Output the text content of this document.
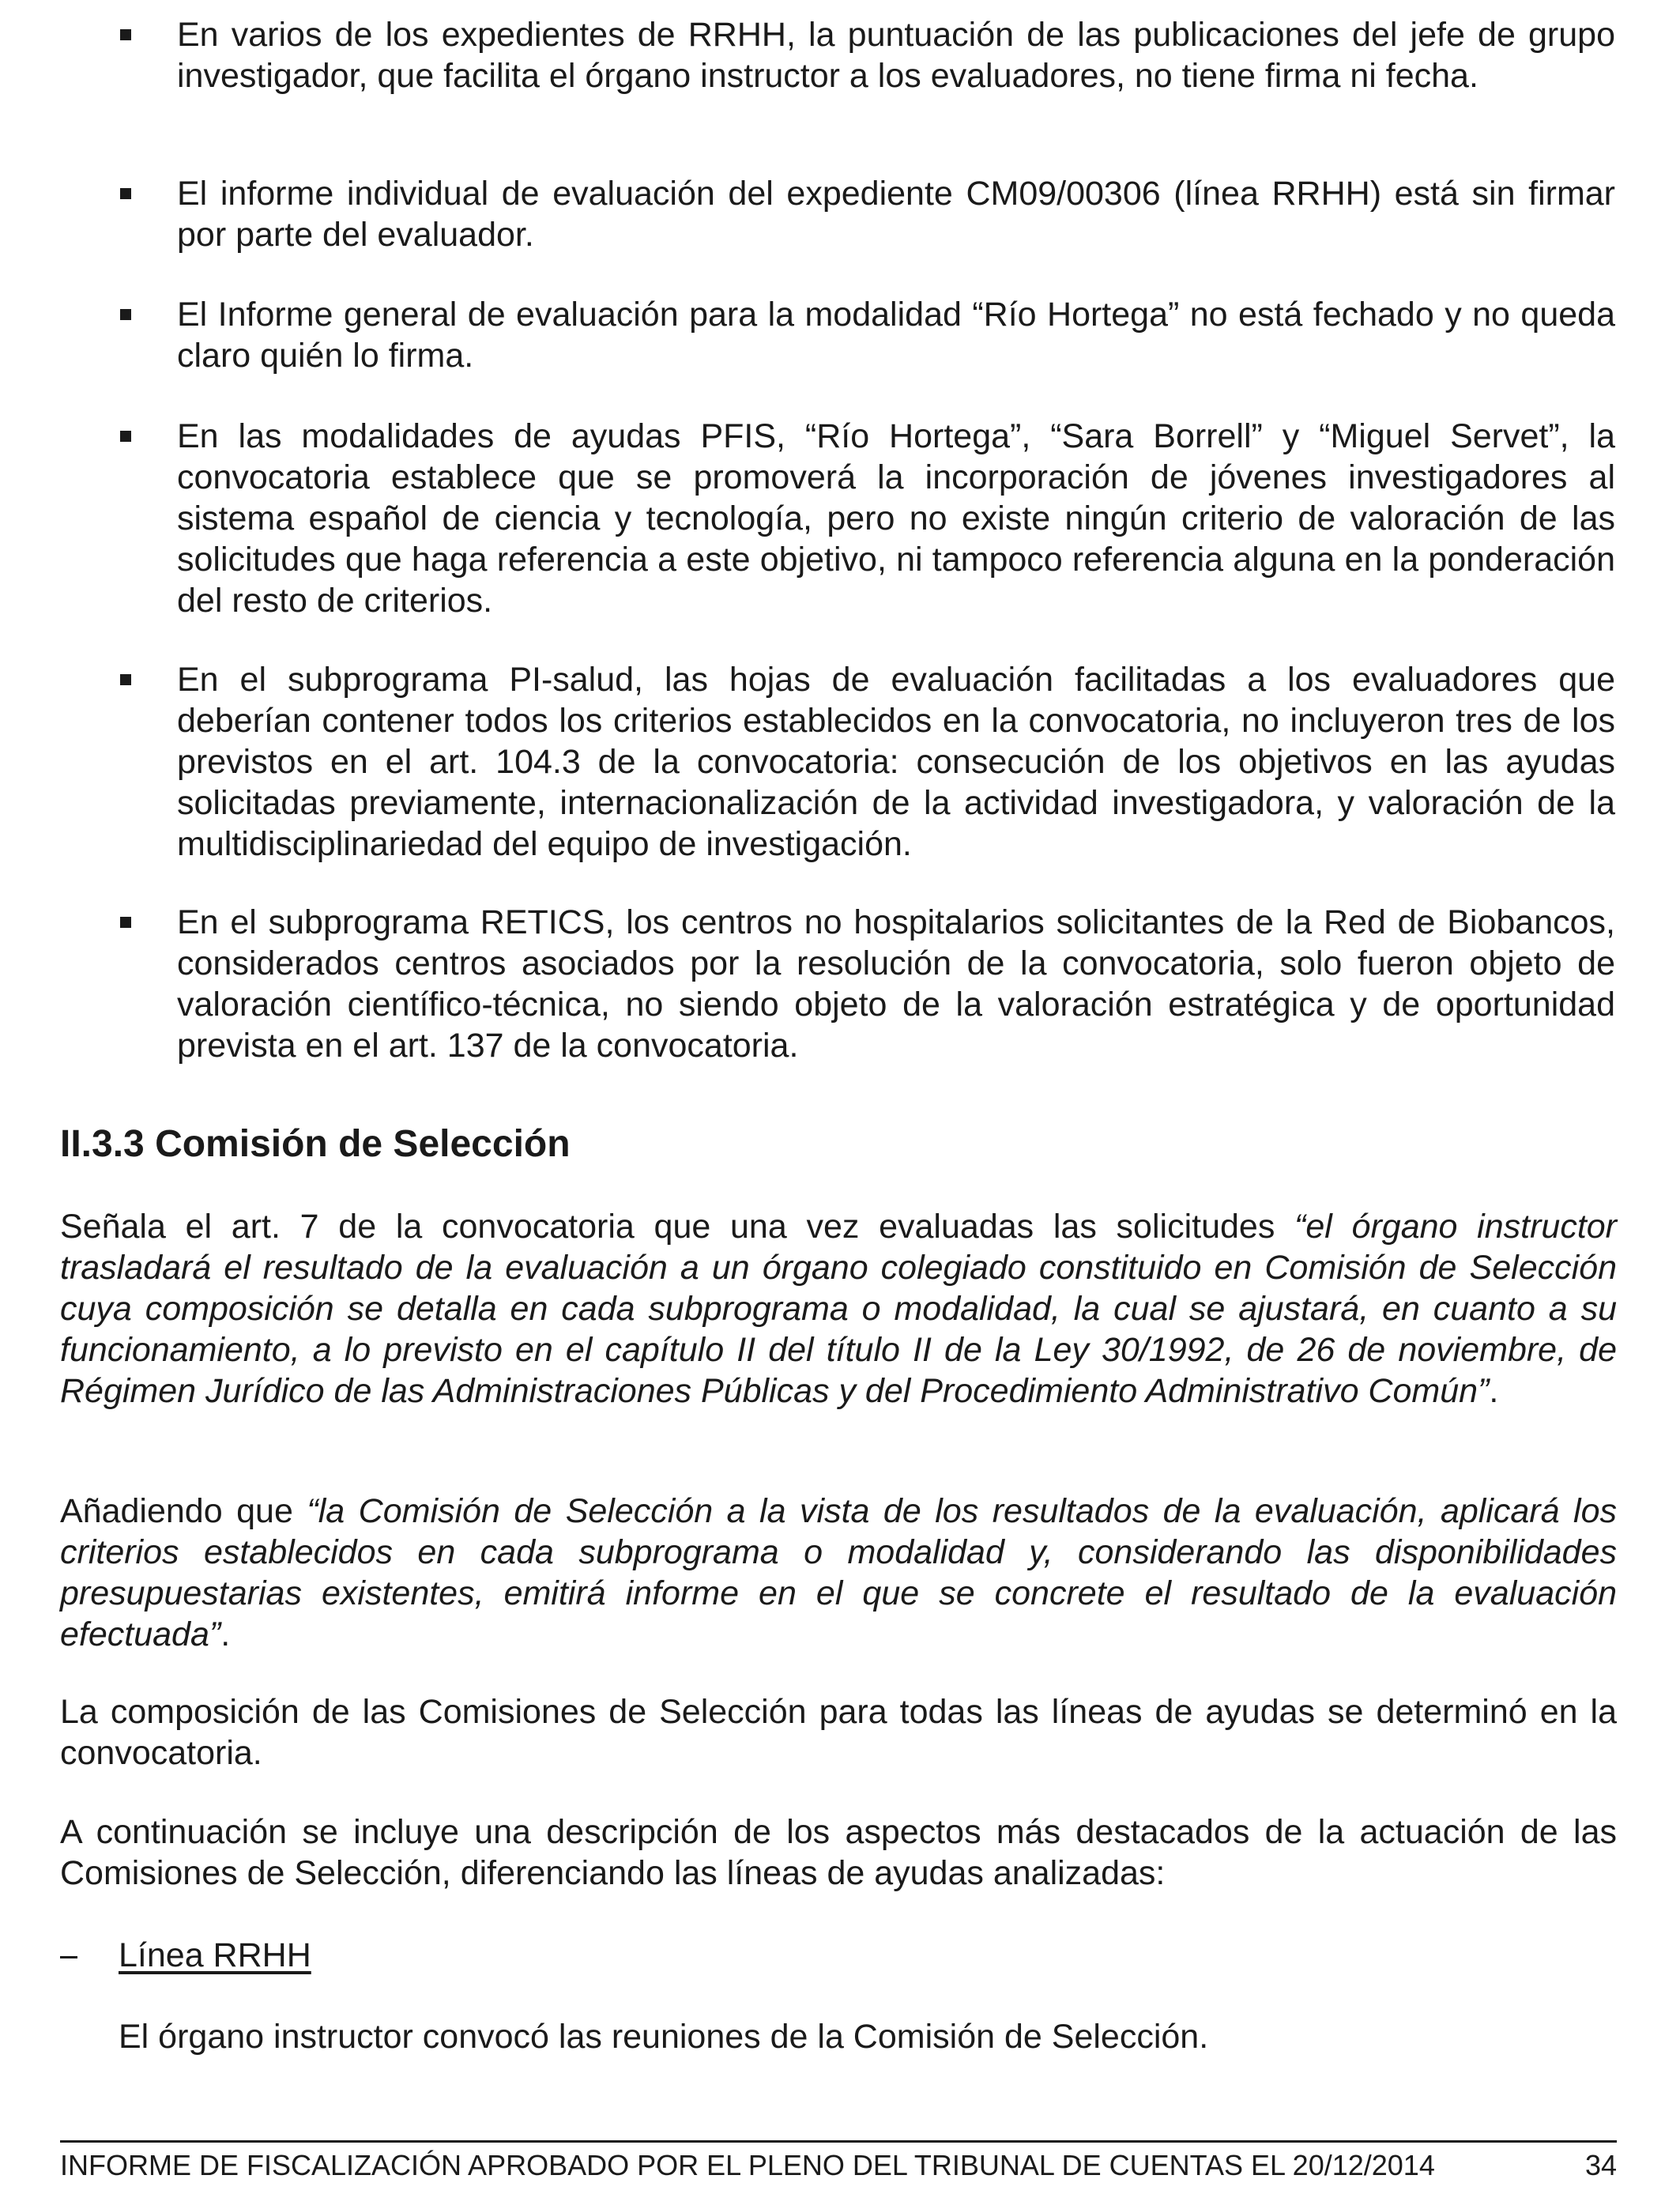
En varios de los expedientes de RRHH, la puntuación de las publicaciones del jefe de grupo investigador, que facilita el órgano instructor a los evaluadores, no tiene firma ni fecha.
El informe individual de evaluación del expediente CM09/00306 (línea RRHH) está sin firmar por parte del evaluador.
El Informe general de evaluación para la modalidad “Río Hortega” no está fechado y no queda claro quién lo firma.
En las modalidades de ayudas PFIS, “Río Hortega”, “Sara Borrell” y “Miguel Servet”, la convocatoria establece que se promoverá la incorporación de jóvenes investigadores al sistema español de ciencia y tecnología, pero no existe ningún criterio de valoración de las solicitudes que haga referencia a este objetivo, ni tampoco referencia alguna en la ponderación del resto de criterios.
En el subprograma PI-salud, las hojas de evaluación facilitadas a los evaluadores que deberían contener todos los criterios establecidos en la convocatoria, no incluyeron tres de los previstos en el art. 104.3 de la convocatoria: consecución de los objetivos en las ayudas solicitadas previamente, internacionalización de la actividad investigadora, y valoración de la multidisciplinariedad del equipo de investigación.
En el subprograma RETICS, los centros no hospitalarios solicitantes de la Red de Biobancos, considerados centros asociados por la resolución de la convocatoria, solo fueron objeto de valoración científico-técnica, no siendo objeto de la valoración estratégica y de oportunidad prevista en el art. 137 de la convocatoria.
II.3.3 Comisión de Selección
Señala el art. 7 de la convocatoria que una vez evaluadas las solicitudes “el órgano instructor trasladará el resultado de la evaluación a un órgano colegiado constituido en Comisión de Selección cuya composición se detalla en cada subprograma o modalidad, la cual se ajustará, en cuanto a su funcionamiento, a lo previsto en el capítulo II del título II de la Ley 30/1992, de 26 de noviembre, de Régimen Jurídico de las Administraciones Públicas y del Procedimiento Administrativo Común”.
Añadiendo que “la Comisión de Selección a la vista de los resultados de la evaluación, aplicará los criterios establecidos en cada subprograma o modalidad y, considerando las disponibilidades presupuestarias existentes, emitirá informe en el que se concrete el resultado de la evaluación efectuada”.
La composición de las Comisiones de Selección para todas las líneas de ayudas se determinó en la convocatoria.
A continuación se incluye una descripción de los aspectos más destacados de la actuación de las Comisiones de Selección, diferenciando las líneas de ayudas analizadas:
Línea RRHH
El órgano instructor convocó las reuniones de la Comisión de Selección.
INFORME DE FISCALIZACIÓN APROBADO POR EL PLENO DEL TRIBUNAL DE CUENTAS EL 20/12/2014	34
